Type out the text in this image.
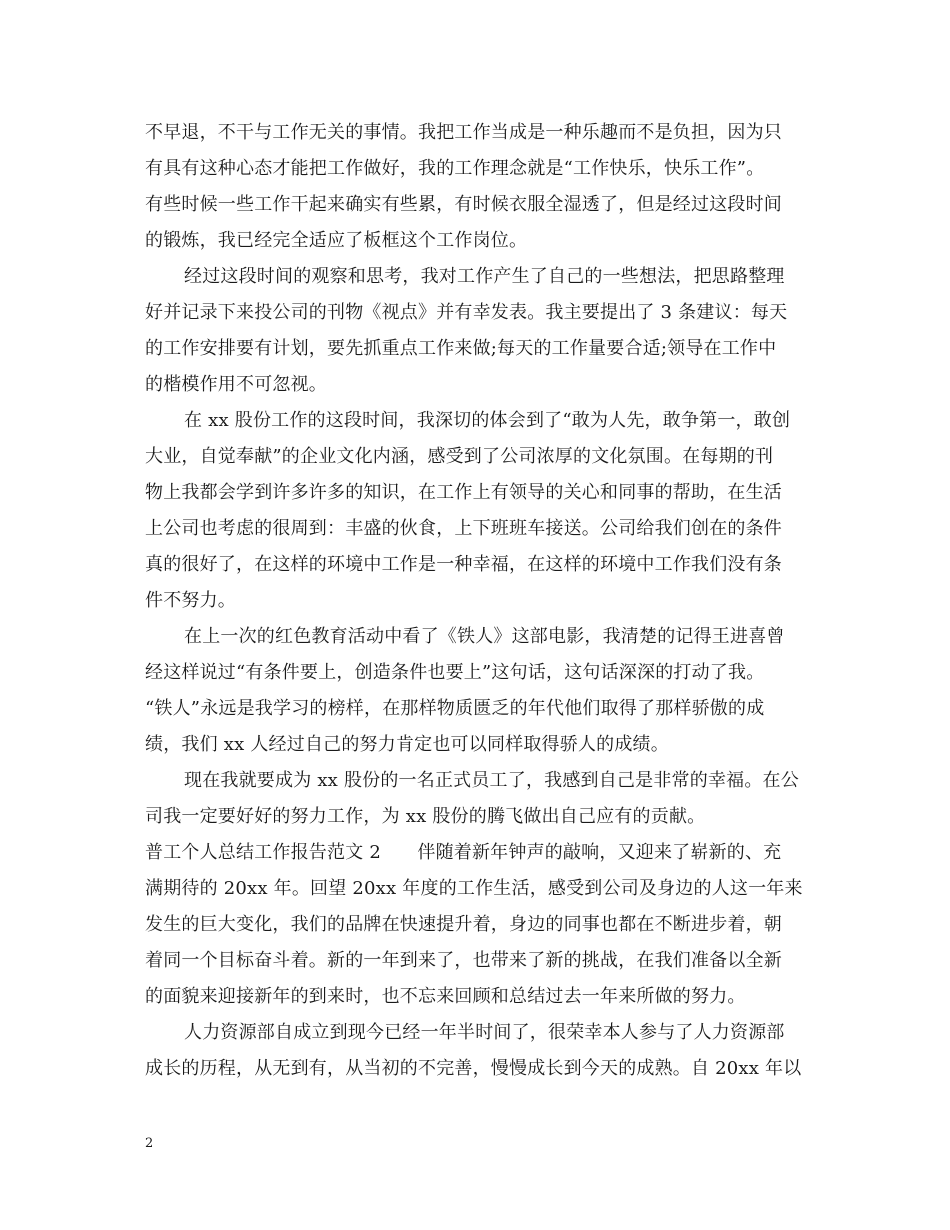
不早退，不干与工作无关的事情。我把工作当成是一种乐趣而不是负担，因为只
有具有这种心态才能把工作做好，我的工作理念就是“工作快乐，快乐工作”。
有些时候一些工作干起来确实有些累，有时候衣服全湿透了，但是经过这段时间
的锻炼，我已经完全适应了板框这个工作岗位。
经过这段时间的观察和思考，我对工作产生了自己的一些想法，把思路整理
好并记录下来投公司的刊物《视点》并有幸发表。我主要提出了 3 条建议：每天
的工作安排要有计划，要先抓重点工作来做;每天的工作量要合适;领导在工作中
的楷模作用不可忽视。
在 xx 股份工作的这段时间，我深切的体会到了“敢为人先，敢争第一，敢创
大业，自觉奉献”的企业文化内涵，感受到了公司浓厚的文化氛围。在每期的刊
物上我都会学到许多许多的知识，在工作上有领导的关心和同事的帮助，在生活
上公司也考虑的很周到：丰盛的伙食，上下班班车接送。公司给我们创在的条件
真的很好了，在这样的环境中工作是一种幸福，在这样的环境中工作我们没有条
件不努力。
在上一次的红色教育活动中看了《铁人》这部电影，我清楚的记得王进喜曾
经这样说过“有条件要上，创造条件也要上”这句话，这句话深深的打动了我。
“铁人”永远是我学习的榜样，在那样物质匮乏的年代他们取得了那样骄傲的成
绩，我们 xx 人经过自己的努力肯定也可以同样取得骄人的成绩。
现在我就要成为 xx 股份的一名正式员工了，我感到自己是非常的幸福。在公
司我一定要好好的努力工作，为 xx 股份的腾飞做出自己应有的贡献。
普工个人总结工作报告范文 2　　伴随着新年钟声的敲响，又迎来了崭新的、充
满期待的 20xx 年。回望 20xx 年度的工作生活，感受到公司及身边的人这一年来
发生的巨大变化，我们的品牌在快速提升着，身边的同事也都在不断进步着，朝
着同一个目标奋斗着。新的一年到来了，也带来了新的挑战，在我们准备以全新
的面貌来迎接新年的到来时，也不忘来回顾和总结过去一年来所做的努力。
人力资源部自成立到现今已经一年半时间了，很荣幸本人参与了人力资源部
成长的历程，从无到有，从当初的不完善，慢慢成长到今天的成熟。自 20xx 年以
2
